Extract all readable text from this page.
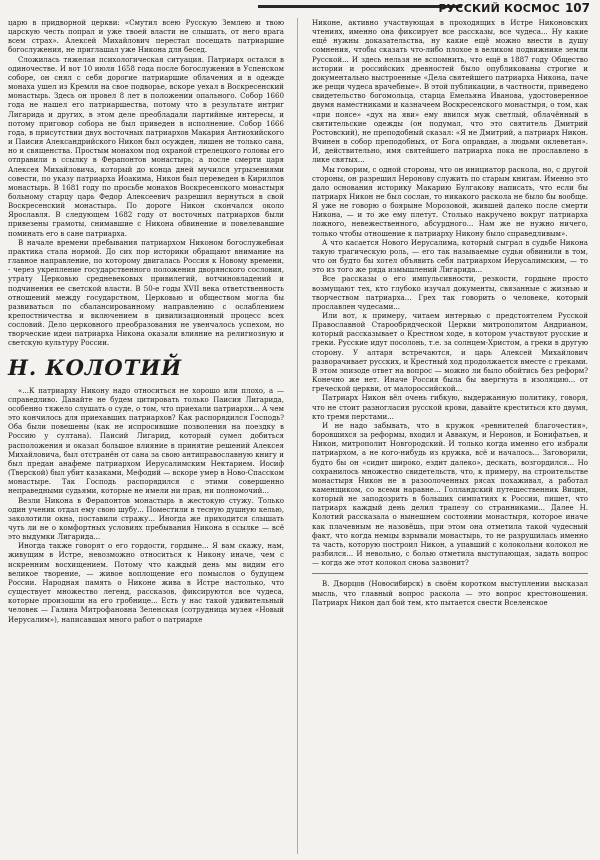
РУССКИЙ КОСМОС 107

царю в придворной церкви: «Смутил всею Русскую Землею и твою царскую честь попрал и уже твоей власти не слышать, от него врага всем страх». Алексей Михайлович перестал посещать патриаршие богослужения, не приглашал уже Никона для бесед.

Сложилась тяжелая психологическая ситуация. Патриарх остался в одиночестве. И вот 10 июля 1658 года после богослужения в Успенском соборе, он снял с себя дорогие патриаршие облачения и в одежде монаха ушел из Кремля на свое подворье, вскоре уехал в Воскресенский монастырь. Здесь он провел 8 лет в положении опального. Собор 1660 года не нашел его патриаршества, потому что в результате интриг Лигарида и других, в этом деле преобладали партийные интересы, и потому приговор собора не был приведен в исполнение. Собор 1666 года, в присутствии двух восточных патриархов Макария Антиохийского и Паисия Александрийского Никон был осужден, лишен не только сана, но и священства. Простым монахом под охраной стрелецкого головы его отправили в ссылку в Ферапонтов монастырь; а после смерти царя Алексея Михайловича, который до конца дней мучился угрызениями совести, по указу патриарха Иоакима, Никон был переведен в Кириллов монастырь. В 1681 году по просьбе монахов Воскресенского монастыря больному старцу царь Федор Алексеевич разрешил вернуться в свой Воскресенский монастырь. По дороге Никон скончался около Ярославля. В следующем 1682 году от восточных патриархов были привезены грамоты, снимавшие с Никона обвинение и повелевавшие поминать его в сане патриарха.

В начале времени пребывания патриархом Никоном богослужебная практика стала нормой. До сих пор историки обращают внимание на главное направление, по которому двигалась Россия к Новому времени, - через укрепление государственного положения дворянского сословия, утрату Церковью средневековых привилегий, вотчиновладений и подчинения ее светской власти. В 50-е годы XVII века ответственность отношений между государством, Церковью и обществом могла бы развиваться по сбалансированному направлению с ослаблением крепостничества и включением в цивилизационный процесс всех сословий. Дело церковного преобразования не увенчалось успехом, но творческие идеи патриарха Никона оказали влияние на религиозную и светскую культуру России.

Н. КОЛОТИЙ

«...К патриарху Никону надо относиться не хорошо или плохо, а — справедливо. Давайте не будем цитировать только Паисия Лигарида, особенно тяжело слушать о суде, о том, что приехали патриархи... А чем это кончилось для приехавших патриархов? Как распорядился Господь? Оба были повешены (как не испросившие позволения на поездку в Россию у султана). Паисий Лигарид, который сумел добиться расположения и оказал большое влияние в принятие решений Алексея Михайловича, был отстранён от сана за свою антиправославную книгу и был предан анафеме патриархом Иерусалимским Нектарием. Иосиф (Тверской) был убит казаками, Мефодий — вскоре умер в Ново-Спасском монастыре. Так Господь распорядился с этими совершенно неправедными судьями, которые не имели ни прав, ни полномочий...

Везли Никона в Ферапонтов монастырь в жестокую стужу. Только один ученик отдал ему свою шубу... Поместили в тесную душную келью, заколотили окна, поставили стражу... Иногда же приходится слышать чуть ли не о комфортных условиях пребывания Никона в ссылке — всё это выдумки Лигарида...

Иногда также говорят о его гордости, гордыне... Я вам скажу, нам, живущим в Истре, невозможно относиться к Никону иначе, чем с искренним восхищением. Потому что каждый день мы видим его великое творение, — живое воплощение его помыслов о будущем России. Народная память о Никоне жива в Истре настолько, что существует множество легенд, рассказов, фиксируются все чудеса, которые произошли на его гробнице... Есть у нас такой удивительный человек — Галина Митрофановна Зеленская (сотрудница музея «Новый Иерусалим»), написавшая много работ о патриархе

Никоне, активно участвующая в проходящих в Истре Никоновских чтениях, именно она фиксирует все рассказы, все чудеса... Ну какие ещё нужны доказательства, ну какие ещё можно внести в душу сомнения, чтобы сказать что-либо плохое в великом подвижнике земли Русской... И здесь нельзя не вспомнить, что ещё в 1887 году Общество истории и российских древностей было опубликованы строгие и документально выстроенные «Дела святейшего патриарха Никона, паче же рещи чудеса врачебные». В этой публикации, в частности, приведено свидетельство богомольца, старца Емельяна Иванова, удостоверенное двумя наместниками и казначеем Воскресенского монастыря, о том, как «при поясе» «дух на яви» ему явился муж светлый, облачённый в святительские одежды (он подумал, что это святитель Дмитрий Ростовский), не преподобный сказал: «Я не Дмитрий, а патриарх Никон. Вчинен в собор преподобных, от Бога оправдан, а людьми оклеветан». И, действительно, имя святейшего патриарха пока не прославлено в лике святых...

Мы говорим, с одной стороны, что он инициатор раскола, но, с другой стороны, он разрешил Неронову служить по старым книгам. Именно это дало основания историку Макарию Булгакову написать, что если бы патриарх Никон не был сослан, то никакого раскола не было бы вообще. Я уже не говорю о боярыне Морозовой, жившей далеко после смерти Никона, — и то же ему плетут. Столько накручено вокруг патриарха ложного, невежественного, абсурдного... Нам же не нужно ничего, только чтобы отношение к патриарху Никону было справедливым».

А что касается Нового Иерусалима, который сыграл в судьбе Никона такую трагическую роль, — его так называемые судьи обвинили в том, что он будто бы хотел объявить себя патриархом Иерусалимским, — то это из того же ряда измышлений Лигарида...

Все рассказы о его импульсивности, резкости, гордыне просто возмущают тех, кто глубоко изучал документы, связанные с жизнью и творчеством патриарха... Грех так говорить о человеке, который прославлен чудесами...

Или вот, к примеру, читаем интервью с предстоятелем Русской Православной Старообрядческой Церкви митрополитом Андрианом, который рассказывает о Крестном ходе, в котором участвуют русские и греки. Русские идут посолонь, т.е. за солнцем-Христом, а греки в другую сторону. У алтаря встречаются, и царь Алексей Михайлович разворачивает русских, и Крестный ход продолжается вместе с греками. В этом эпизоде ответ на вопрос — можно ли было обойтись без реформ? Конечно же нет. Иначе Россия была бы ввергнута в изоляцию... от греческой церкви, от малороссийской...

Патриарх Никон вёл очень гибкую, выдержанную политику, говоря, что не стоит разногласия русской крови, давайте креститься кто двумя, кто тремя перстами...

И не надо забывать, что в кружок «ревнителей благочестия», боровшихся за реформы, входил и Аввакум, и Неронов, и Бонифатьев, и Никон, митрополит Новгородский. И только когда именно его избрали патриархом, а не кого-нибудь из кружка, всё и началось... Заговорили, будто бы он «сидит широко, ездит далеко», дескать, возгордился... Но сохранилось множество свидетельств, что, к примеру, на строительстве монастыря Никон не в разоолоченных рясах похаживал, а работал каменщиком, со всеми наравне... Голландский путешественник Вицин, который не заподозрить в больших симпатиях к России, пишет, что патриарх каждый день делил трапезу со странниками... Далее Н. Колотий рассказала о нынешнем состоянии монастыря, которое иначе как плачевным не назовёшь, при этом она отметила такой чудесный факт, что когда немцы взрывали монастырь, то не разрушилась именно та часть, которую построил Никон, а упавший с колокольни колокол не разбился... И невольно, с болью отметила выступающая, задать вопрос — когда же этот колокол снова зазвонит?

В. Дворцов (Новосибирск) в своём коротком выступлении высказал мысль, что главный вопрос раскола — это вопрос крестоношения. Патриарх Никон дал бой тем, кто пытается свести Вселенское
